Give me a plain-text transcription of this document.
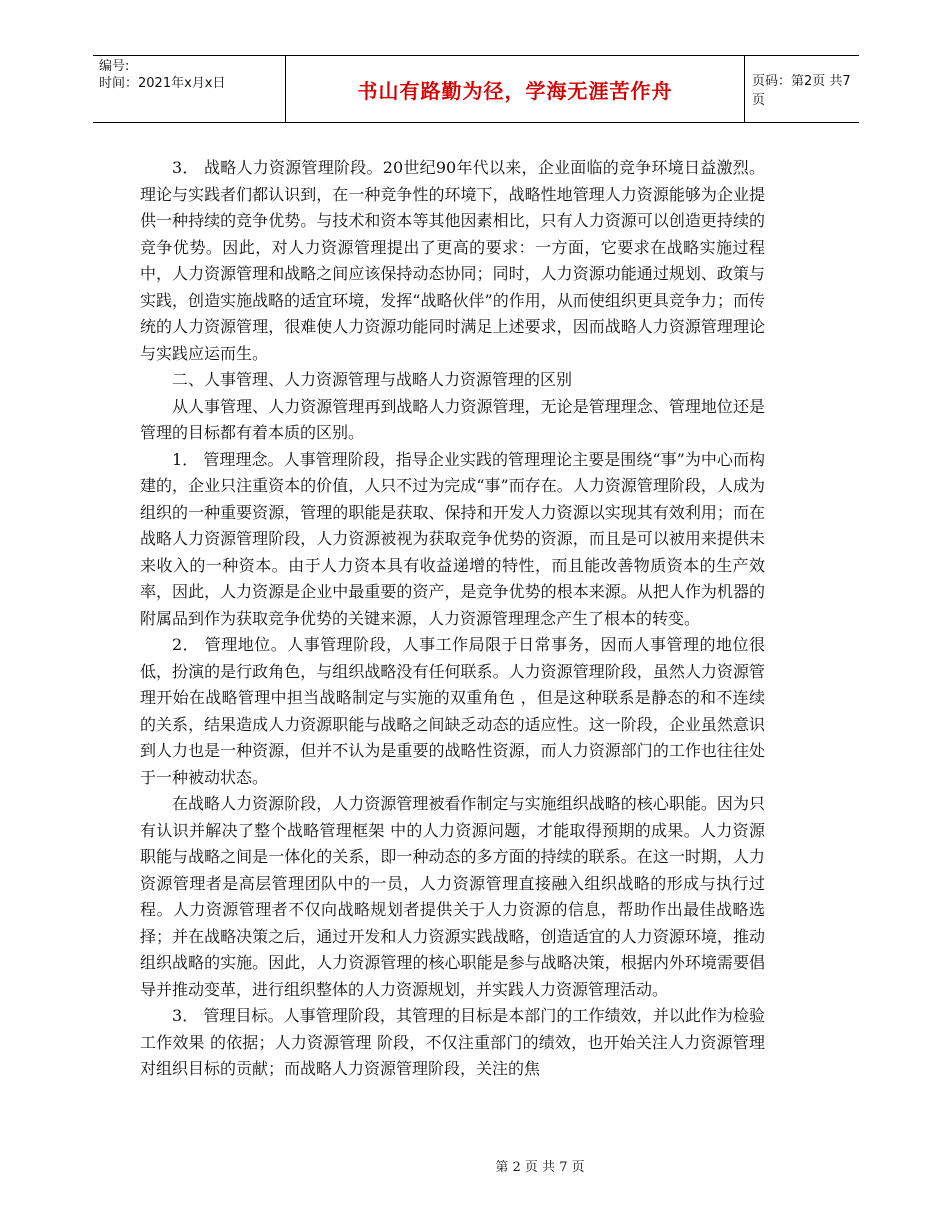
编号:
时间：2021年x月x日	书山有路勤为径，学海无涯苦作舟	页码：第2页 共7页

3． 战略人力资源管理阶段。20世纪90年代以来，企业面临的竞争环境日益激烈。理论与实践者们都认识到，在一种竞争性的环境下，战略性地管理人力资源能够为企业提供一种持续的竞争优势。与技术和资本等其他因素相比，只有人力资源可以创造更持续的竞争优势。因此，对人力资源管理提出了更高的要求：一方面，它要求在战略实施过程中，人力资源管理和战略之间应该保持动态协同；同时，人力资源功能通过规划、政策与实践，创造实施战略的适宜环境，发挥“战略伙伴”的作用，从而使组织更具竞争力；而传统的人力资源管理，很难使人力资源功能同时满足上述要求，因而战略人力资源管理理论与实践应运而生。

二、人事管理、人力资源管理与战略人力资源管理的区别

从人事管理、人力资源管理再到战略人力资源管理，无论是管理理念、管理地位还是管理的目标都有着本质的区别。

1． 管理理念。人事管理阶段，指导企业实践的管理理论主要是围绕“事”为中心而构建的，企业只注重资本的价值，人只不过为完成“事”而存在。人力资源管理阶段，人成为组织的一种重要资源，管理的职能是获取、保持和开发人力资源以实现其有效利用；而在战略人力资源管理阶段，人力资源被视为获取竞争优势的资源，而且是可以被用来提供未来收入的一种资本。由于人力资本具有收益递增的特性，而且能改善物质资本的生产效率，因此，人力资源是企业中最重要的资产，是竞争优势的根本来源。从把人作为机器的附属品到作为获取竞争优势的关键来源，人力资源管理理念产生了根本的转变。

2． 管理地位。人事管理阶段，人事工作局限于日常事务，因而人事管理的地位很低，扮演的是行政角色，与组织战略没有任何联系。人力资源管理阶段，虽然人力资源管理开始在战略管理中担当战略制定与实施的双重角色 ，但是这种联系是静态的和不连续的关系，结果造成人力资源职能与战略之间缺乏动态的适应性。这一阶段，企业虽然意识到人力也是一种资源，但并不认为是重要的战略性资源，而人力资源部门的工作也往往处于一种被动状态。

在战略人力资源阶段，人力资源管理被看作制定与实施组织战略的核心职能。因为只有认识并解决了整个战略管理框架 中的人力资源问题，才能取得预期的成果。人力资源职能与战略之间是一体化的关系，即一种动态的多方面的持续的联系。在这一时期，人力资源管理者是高层管理团队中的一员，人力资源管理直接融入组织战略的形成与执行过程。人力资源管理者不仅向战略规划者提供关于人力资源的信息，帮助作出最佳战略选择；并在战略决策之后，通过开发和人力资源实践战略，创造适宜的人力资源环境，推动组织战略的实施。因此，人力资源管理的核心职能是参与战略决策，根据内外环境需要倡导并推动变革，进行组织整体的人力资源规划，并实践人力资源管理活动。

3． 管理目标。人事管理阶段，其管理的目标是本部门的工作绩效，并以此作为检验工作效果 的依据；人力资源管理 阶段，不仅注重部门的绩效，也开始关注人力资源管理对组织目标的贡献；而战略人力资源管理阶段，关注的焦

第 2 页 共 7 页
